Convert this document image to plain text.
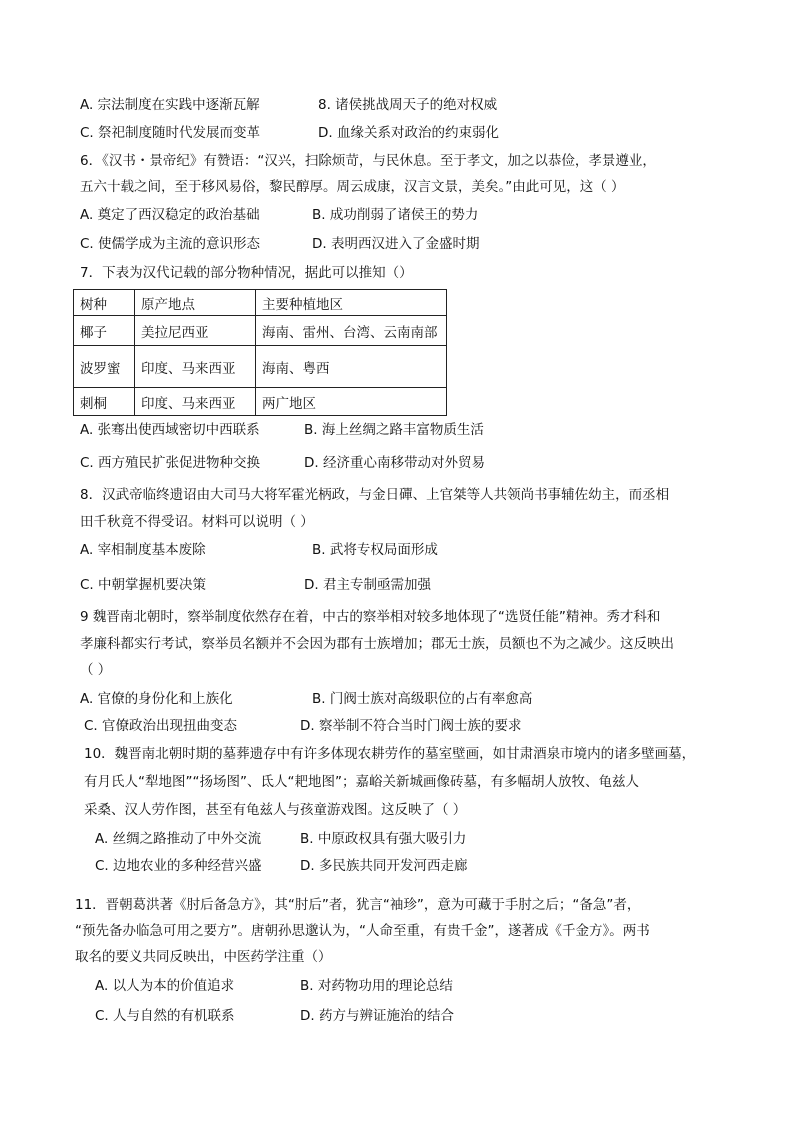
A. 宗法制度在实践中逐渐瓦解	8. 诸侯挑战周天子的绝对权威
C. 祭祀制度随时代发展而变革	D. 血缘关系对政治的约束弱化
6．《汉书・景帝纪》有赞语：“汉兴，扫除烦苛，与民休息。至于孝文，加之以恭俭，孝景遵业，
五六十载之间，至于移风易俗，黎民醇厚。周云成康，汉言文景，美矣。”由此可见，这（ ）
A. 奠定了西汉稳定的政治基础	B. 成功削弱了诸侯王的势力
C. 使儒学成为主流的意识形态	D. 表明西汉进入了金盛时期
7．下表为汉代记载的部分物种情况，据此可以推知（）
树种	原产地点	主要种植地区
椰子	美拉尼西亚	海南、雷州、台湾、云南南部
波罗蜜	印度、马来西亚	海南、粤西
刺桐	印度、马来西亚	两广地区
A. 张骞出使西域密切中西联系	B. 海上丝绸之路丰富物质生活
C. 西方殖民扩张促进物种交换	D. 经济重心南移带动对外贸易
8．汉武帝临终遗诏由大司马大将军霍光柄政，与金日磾、上官桀等人共领尚书事辅佐幼主，而丞相
田千秋竟不得受诏。材料可以说明（ ）
A. 宰相制度基本废除	B. 武将专权局面形成
C. 中朝掌握机要决策	D. 君主专制亟需加强
9 魏晋南北朝时，察举制度依然存在着，中古的察举相对较多地体现了“选贤任能”精神。秀才科和
孝廉科都实行考试，察举员名额并不会因为郡有士族增加；郡无士族，员额也不为之减少。这反映出
（ ）
A. 官僚的身份化和上族化	B. 门阀士族对高级职位的占有率愈高
C. 官僚政治出现扭曲变态	D. 察举制不符合当时门阀士族的要求
10．魏晋南北朝时期的墓葬遗存中有许多体现农耕劳作的墓室壁画，如甘肃酒泉市境内的诸多壁画墓，
有月氏人“犁地图”“扬场图”、氐人“耙地图”；嘉峪关新城画像砖墓，有多幅胡人放牧、龟兹人
采桑、汉人劳作图，甚至有龟兹人与孩童游戏图。这反映了（ ）
A. 丝绸之路推动了中外交流	B. 中原政权具有强大吸引力
C. 边地农业的多种经营兴盛	D. 多民族共同开发河西走廊
11．晋朝葛洪著《肘后备急方》，其“肘后”者，犹言“袖珍”，意为可藏于手肘之后；“备急”者，
“预先备办临急可用之要方”。唐朝孙思邈认为，“人命至重，有贵千金”，遂著成《千金方》。两书
取名的要义共同反映出，中医药学注重（）
A. 以人为本的价值追求	B. 对药物功用的理论总结
C. 人与自然的有机联系	D. 药方与辨证施治的结合
